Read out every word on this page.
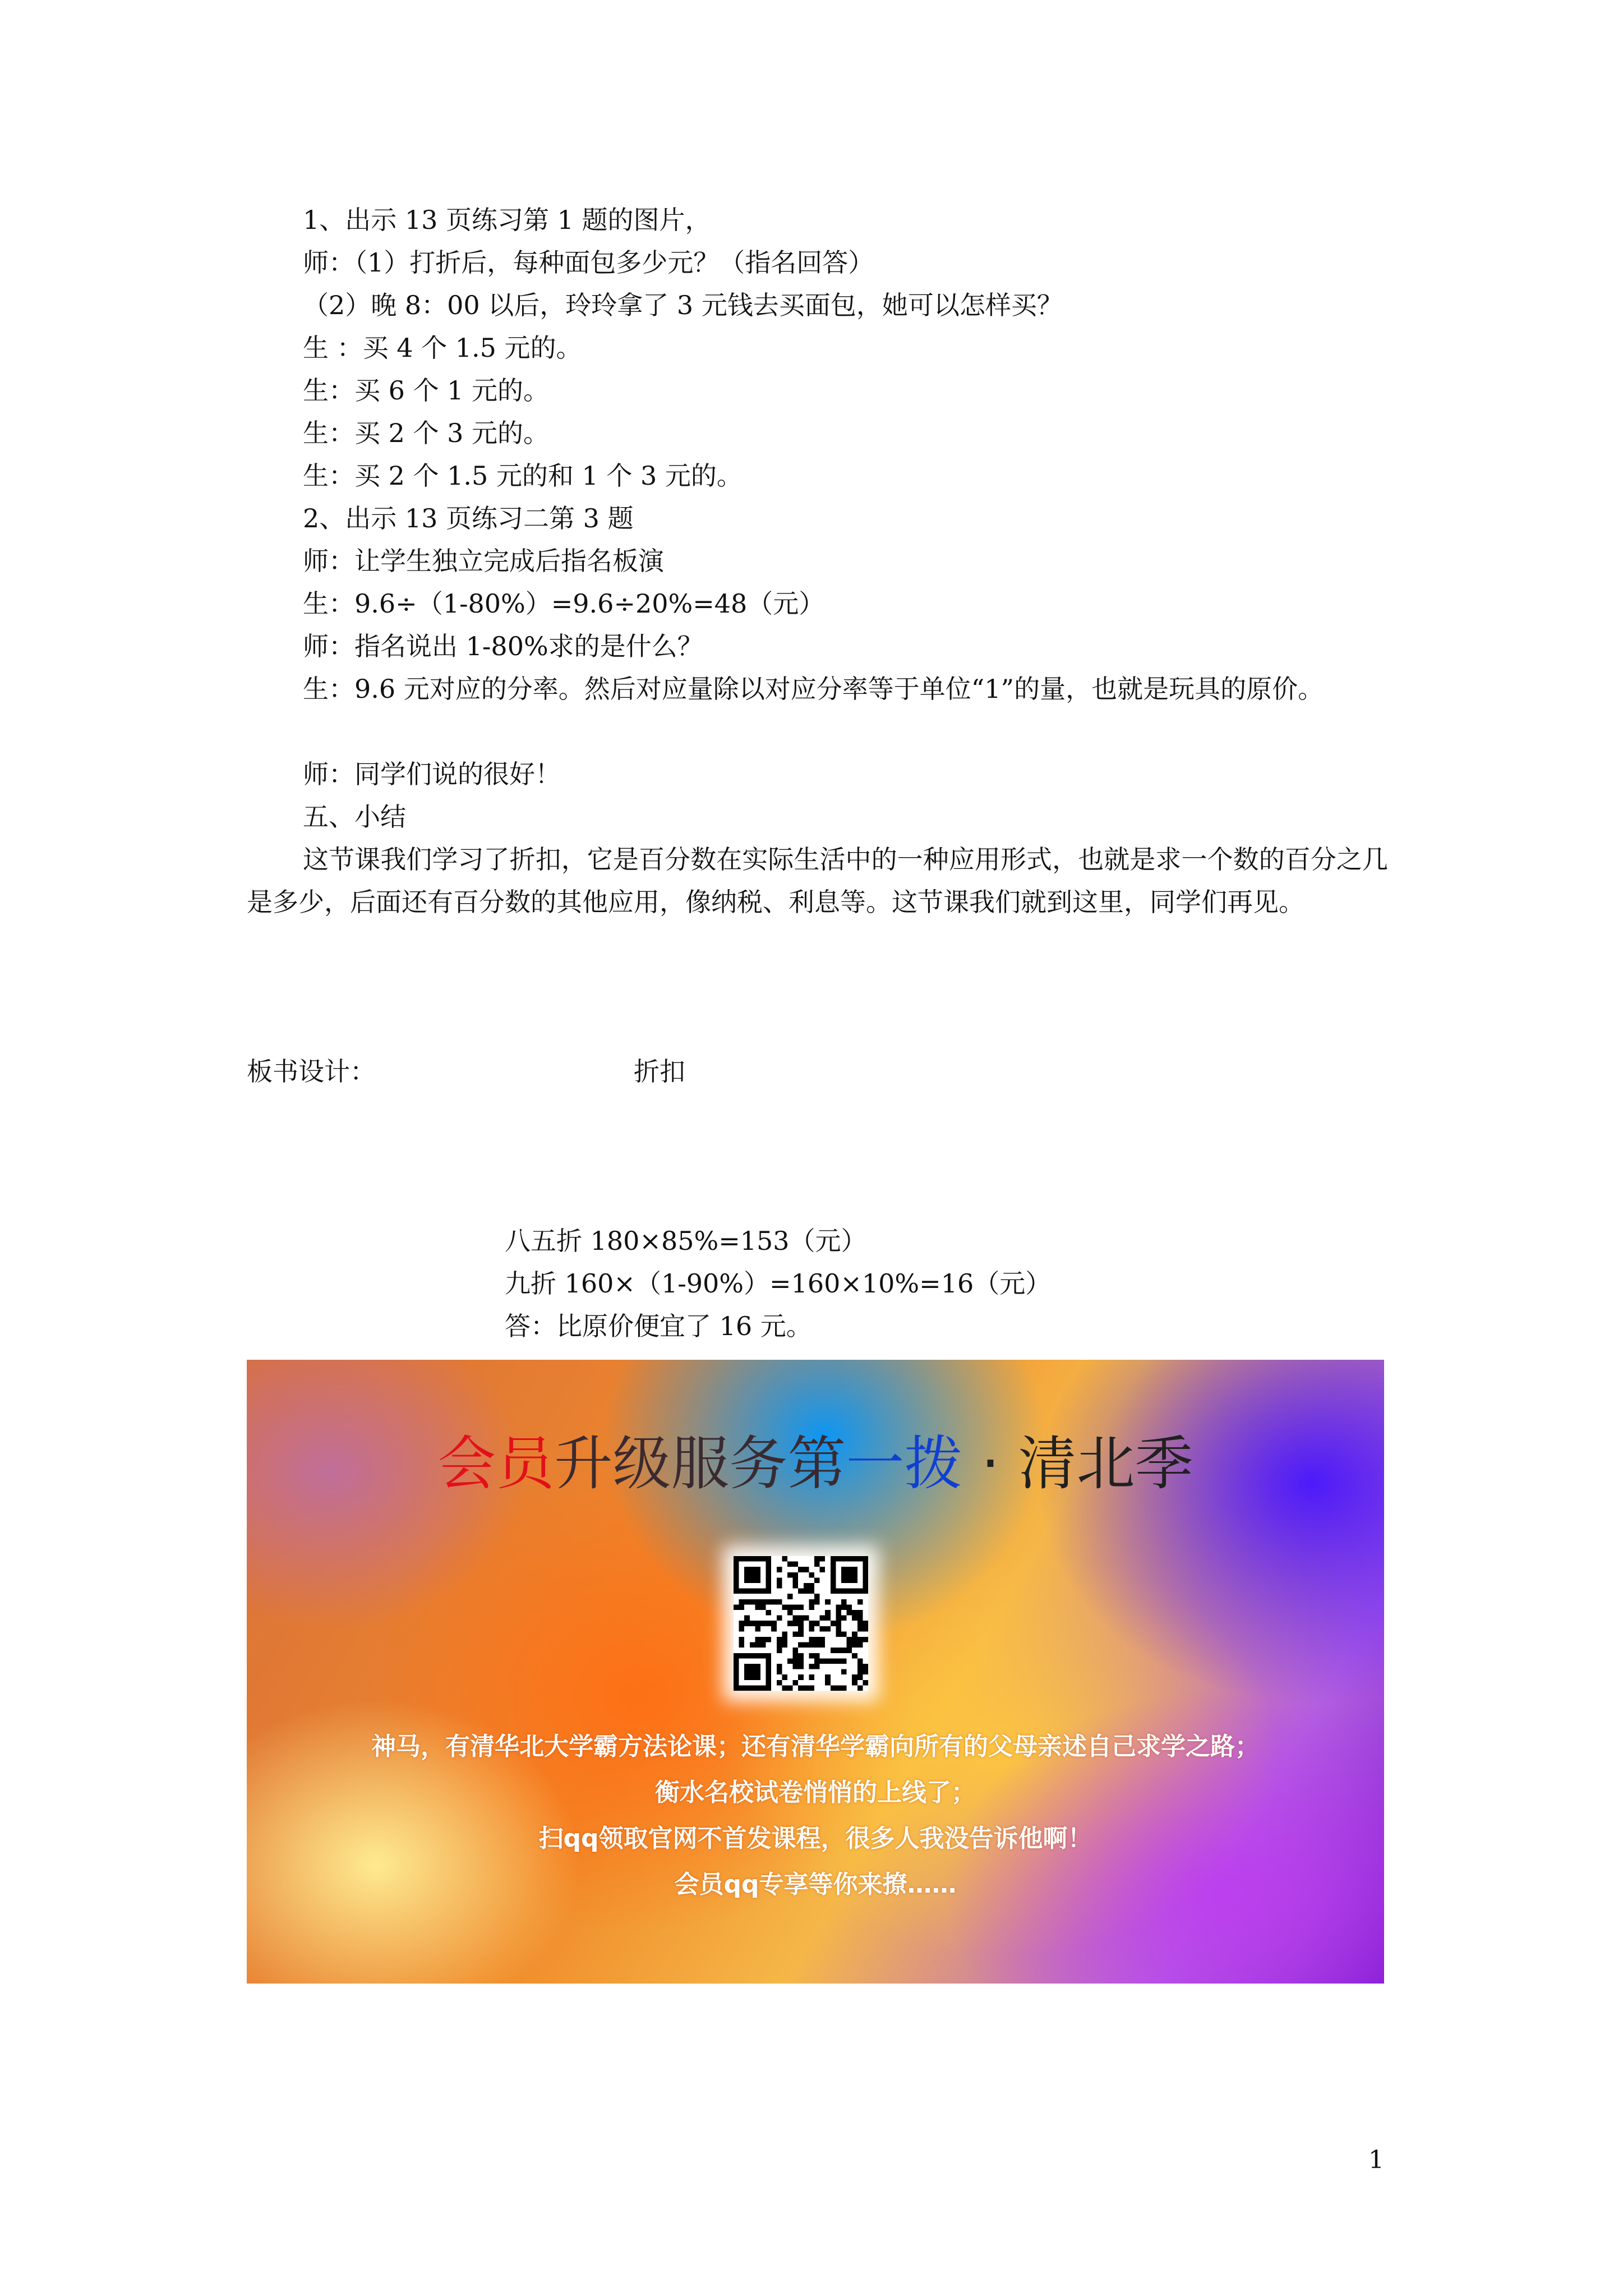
1、出示 13 页练习第 1 题的图片，

师：（1）打折后，每种面包多少元？（指名回答）

（2）晚 8：00 以后，玲玲拿了 3 元钱去买面包，她可以怎样买？

生 ：买 4 个 1.5 元的。

生：买 6 个 1 元的。

生：买 2 个 3 元的。

生：买 2 个 1.5 元的和 1 个 3 元的。

2、出示 13 页练习二第 3 题

师：让学生独立完成后指名板演

生：9.6÷（1-80%）=9.6÷20%=48（元）

师：指名说出 1-80%求的是什么？

生：9.6 元对应的分率。然后对应量除以对应分率等于单位“1”的量，也就是玩具的原价。

师：同学们说的很好！

五、小结

这节课我们学习了折扣，它是百分数在实际生活中的一种应用形式，也就是求一个数的百分之几是多少，后面还有百分数的其他应用，像纳税、利息等。这节课我们就到这里，同学们再见。

板书设计：	折扣

八五折 180×85%=153（元）

九折 160×（1-90%）=160×10%=16（元）

答：比原价便宜了 16 元。

会员升级服务第一拨 · 清北季
神马，有清华北大学霸方法论课；还有清华学霸向所有的父母亲述自己求学之路；
衡水名校试卷悄悄的上线了；
扫qq领取官网不首发课程，很多人我没告诉他啊！
会员qq专享等你来撩……
1
